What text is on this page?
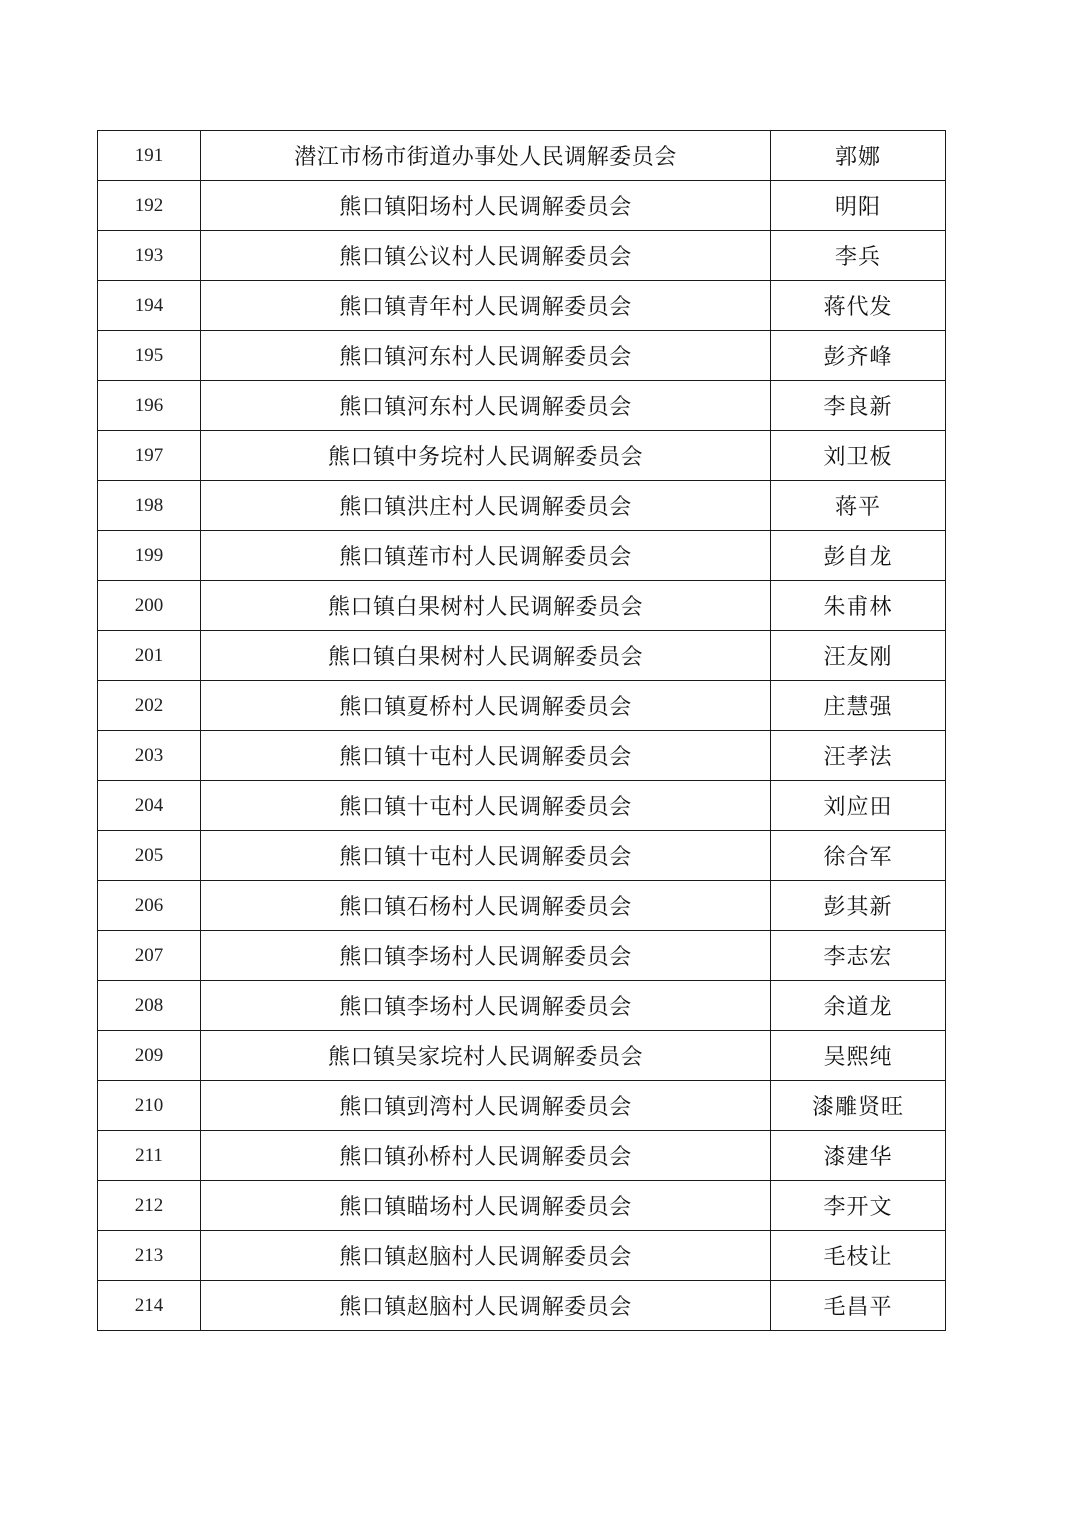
191	潜江市杨市街道办事处人民调解委员会	郭娜
192	熊口镇阳场村人民调解委员会	明阳
193	熊口镇公议村人民调解委员会	李兵
194	熊口镇青年村人民调解委员会	蒋代发
195	熊口镇河东村人民调解委员会	彭齐峰
196	熊口镇河东村人民调解委员会	李良新
197	熊口镇中务垸村人民调解委员会	刘卫板
198	熊口镇洪庄村人民调解委员会	蒋平
199	熊口镇莲市村人民调解委员会	彭自龙
200	熊口镇白果树村人民调解委员会	朱甫林
201	熊口镇白果树村人民调解委员会	汪友刚
202	熊口镇夏桥村人民调解委员会	庄慧强
203	熊口镇十屯村人民调解委员会	汪孝法
204	熊口镇十屯村人民调解委员会	刘应田
205	熊口镇十屯村人民调解委员会	徐合军
206	熊口镇石杨村人民调解委员会	彭其新
207	熊口镇李场村人民调解委员会	李志宏
208	熊口镇李场村人民调解委员会	余道龙
209	熊口镇吴家垸村人民调解委员会	吴熙纯
210	熊口镇剅湾村人民调解委员会	漆雕贤旺
211	熊口镇孙桥村人民调解委员会	漆建华
212	熊口镇瞄场村人民调解委员会	李开文
213	熊口镇赵脑村人民调解委员会	毛枝让
214	熊口镇赵脑村人民调解委员会	毛昌平
